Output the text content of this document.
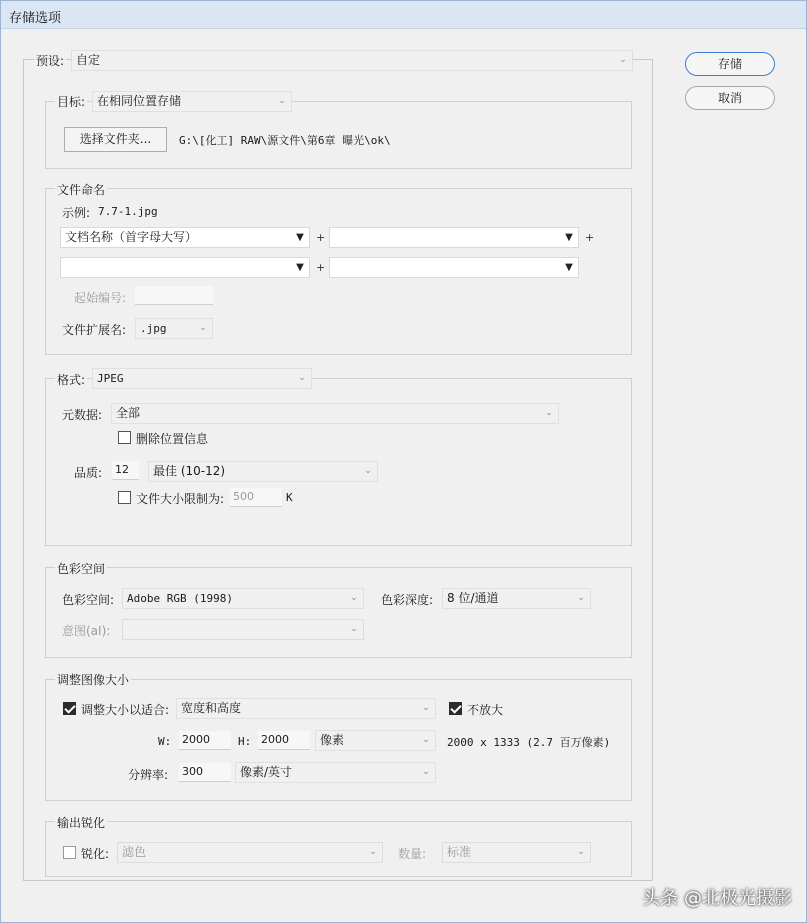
存储选项
存储
取消
预设: 自定	⌄
目标: 在相同位置存储	⌄
选择文件夹...	G:\[化工] RAW\源文件\第6章 曝光\ok\
文件命名
示例: 7.7-1.jpg
文档名称（首字母大写）	▼ +	▼ +
▼ +	▼
起始编号:
文件扩展名:	.jpg	⌄
格式:	JPEG	⌄
元数据:	全部	⌄
删除位置信息
品质: 12	最佳 (10-12)	⌄
文件大小限制为: 500	K
色彩空间
色彩空间:	Adobe RGB (1998)	⌄ 色彩深度:	8 位/通道	⌄
意图(aI):	⌄
调整图像大小
调整大小以适合: 宽度和高度	⌄	不放大
W: 2000	H: 2000	像素	⌄ 2000 x 1333 (2.7 百万像素)
分辨率: 300	像素/英寸	⌄
输出锐化
锐化:	滤色	⌄ 数量:	标准	⌄
头条 @北极光摄影
